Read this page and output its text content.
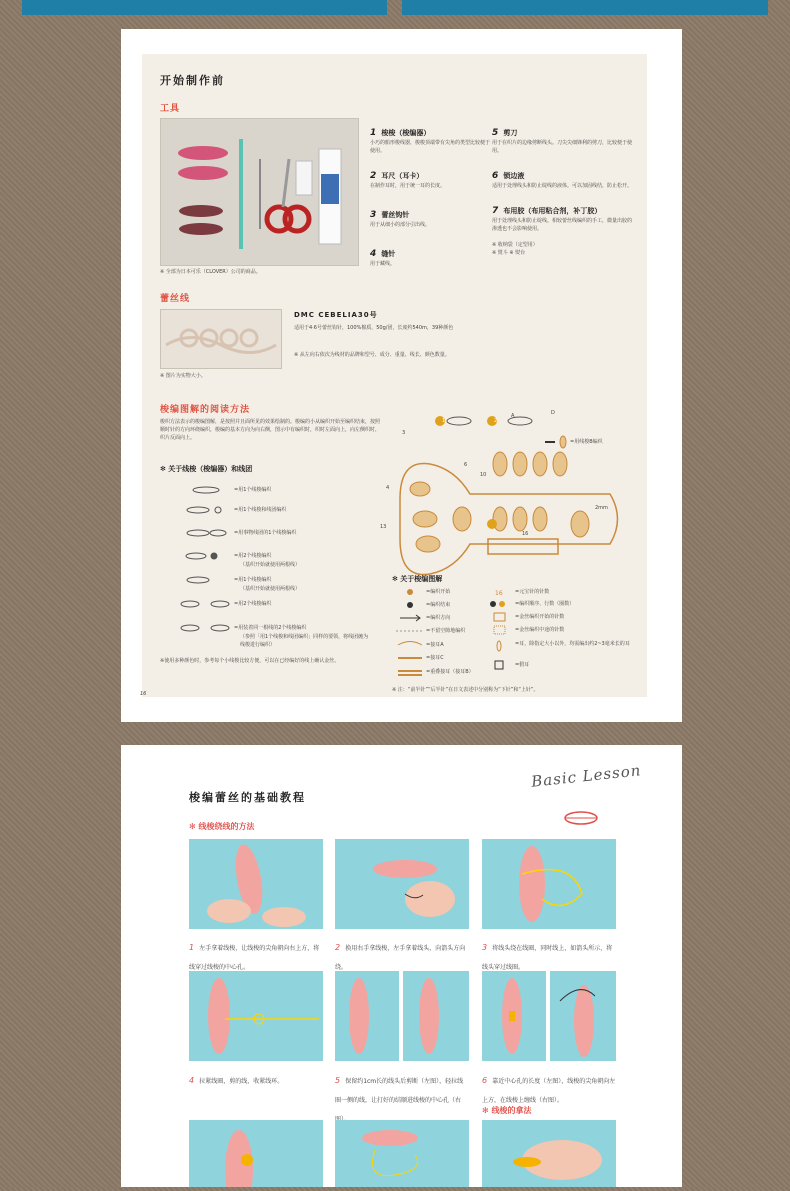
开始制作前
工具
※ 全部为日本可乐（CLOVER）公司的商品。
1 梭梭（梭编器）
小巧的船形梭线器，梭梭顶端带有尖角的类型比较便于使用。
2 耳尺（耳卡）
在制作耳时，用于统一耳的长度。
3 蕾丝钩针
用于从细小的部分引出线。
4 缝针
用于藏线。
5 剪刀
用于在织片的边缘剪断线头。刀尖尖细锋利的剪刀，比较便于使用。
6 锁边液
适用于处理线头和防止绽线的液体。可以加固线结，防止松开。
7 布用胶（布用粘合剂，补丁胶）
用于处理线头和防止绽线。相较蕾丝线编织的手工，微量出胶的渗透也不会影响使用。
※ 收纳袋（定型用）
※ 熨斗 ※ 熨台
蕾丝线
※ 图片为实物大小。
DMC CEBELIA30号
适用于4·6号蕾丝钩针，100%棉质，50g/团，长度约540m，39种颜色
※ 从左向右依次为线材的品牌和型号、成分、重量、线长、颜色数量。
梭编图解的阅读方法
梭织方法表示的梭编图解，是按照并且面所见的效果绘制的。梭编的小从编织开始至编织结束，按照顺时针的方向环绕编织，梭编的基本方向为向右侧，图示中有编织时，织时左面向上，向左侧织时，织片反面向上。
✻ 关于线梭（梭编器）和线团
=用1个线梭编织
=用1个线梭和线团编织
=用事物线团的1个线梭编织
=用2个线梭编织
（基织开始就使用两根线）
=用1个线梭编织
（基织开始就使用两根线）
=用2个线梭编织
=用装着同一根线的2个线梭编织
（参照「用1个线梭和线团编织」同样的要领，将线团缠为线梭进行编织）
※使用多种颜色时，参考每个小线梭比较方便，可以在已经编好的线上确认金丝。
16
1	2
A	D
=用线梭B编织
16
2mm
3
4
6
13
10
✻ 关于梭编图解
=编织开始
=编织结束
=编织方向
=不留空隙地编织
=接耳A
=接耳C
=重叠接耳（接耳B）
16 =元宝针的针数
=编织顺序、行数（圈数）
=金丝编织开始的针数
=金丝编织中途的针数
=耳，除指定大小以外，均需编出约2~3毫米长的耳
=假耳
※ 注：“前半针”“后半针”在日文表述中分别称为“下针”和“上针”。
梭编蕾丝的基础教程
Basic Lesson
✻ 线梭绕线的方法
1 左手拿着线梭，让线梭的尖角朝向右上方，将线穿过线梭的中心孔。
2 换用右手拿线梭，左手拿着线头，向箭头方向绕。
3 将线头绕在线圈，同时线上，如箭头所示，将线头穿过线圈。
4 拉紧线圈，剪的线，收紧线环。	5 保留约1cm长的线头后剪断（左图），轻拉线圈一侧的线，让打好的结顺进线梭的中心孔（右
6 靠近中心孔的长度（左图），线梭的尖角朝向左上方，在线梭上缠线（右图）。
✻ 线梭的拿法
